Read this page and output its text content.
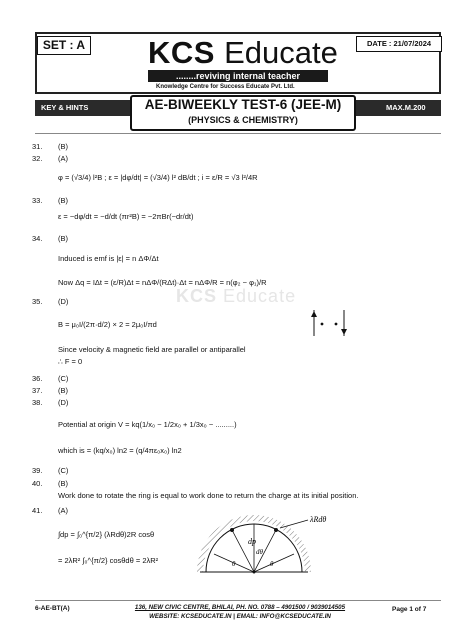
SET : A	DATE : 21/07/2024
KCS Educate
........reviving internal teacher
Knowledge Centre for Success Educate Pvt. Ltd.
KEY & HINTS	MAX.M.200
AE-BIWEEKLY TEST-6 (JEE-M)
(PHYSICS & CHEMISTRY)
KCS Educate
31. (B)
32. (A)
φ = (√3/4) l²B ; ε = |dφ/dt| = (√3/4) l² dB/dt ; i = ε/R = √3 l²/4R
33. (B)
ε = −dφ/dt = −d/dt (πr²B) = −2πBr(−dr/dt)
34. (B)
Induced is emf is |ε| = n ΔΦ/Δt
Now Δq = IΔt = (ε/R)Δt = nΔΦ/(RΔt)·Δt = nΔΦ/R = n(φ₂ − φ₁)/R
35. (D)
B = μ₀I/(2π·d/2) × 2 = 2μ₀I/πd
Since velocity & magnetic field are parallel or antiparallel
∴ F = 0
36. (C)
37. (B)
38. (D)
Potential at origin V = kq(1/x₀ − 1/2x₀ + 1/3x₀ − .........)
which is = (kq/x₀) ln2 = (q/4πε₀x₀) ln2
39. (C)
40. (B)
Work done to rotate the ring is equal to work done to return the charge at its initial position.
41. (A)
∫dp = ∫₀^{π/2} (λRdθ)2R cosθ
= 2λR² ∫₀^{π/2} cosθdθ = 2λR²
dp
dθ
θ	θ
λRdθ
6-AE-BT(A)	136, NEW CIVIC CENTRE, BHILAI, PH. NO. 0788 – 4901500 / 9039014505
WEBSITE: KCSEDUCATE.IN | EMAIL: INFO@KCSEDUCATE.IN
Page 1 of 7
